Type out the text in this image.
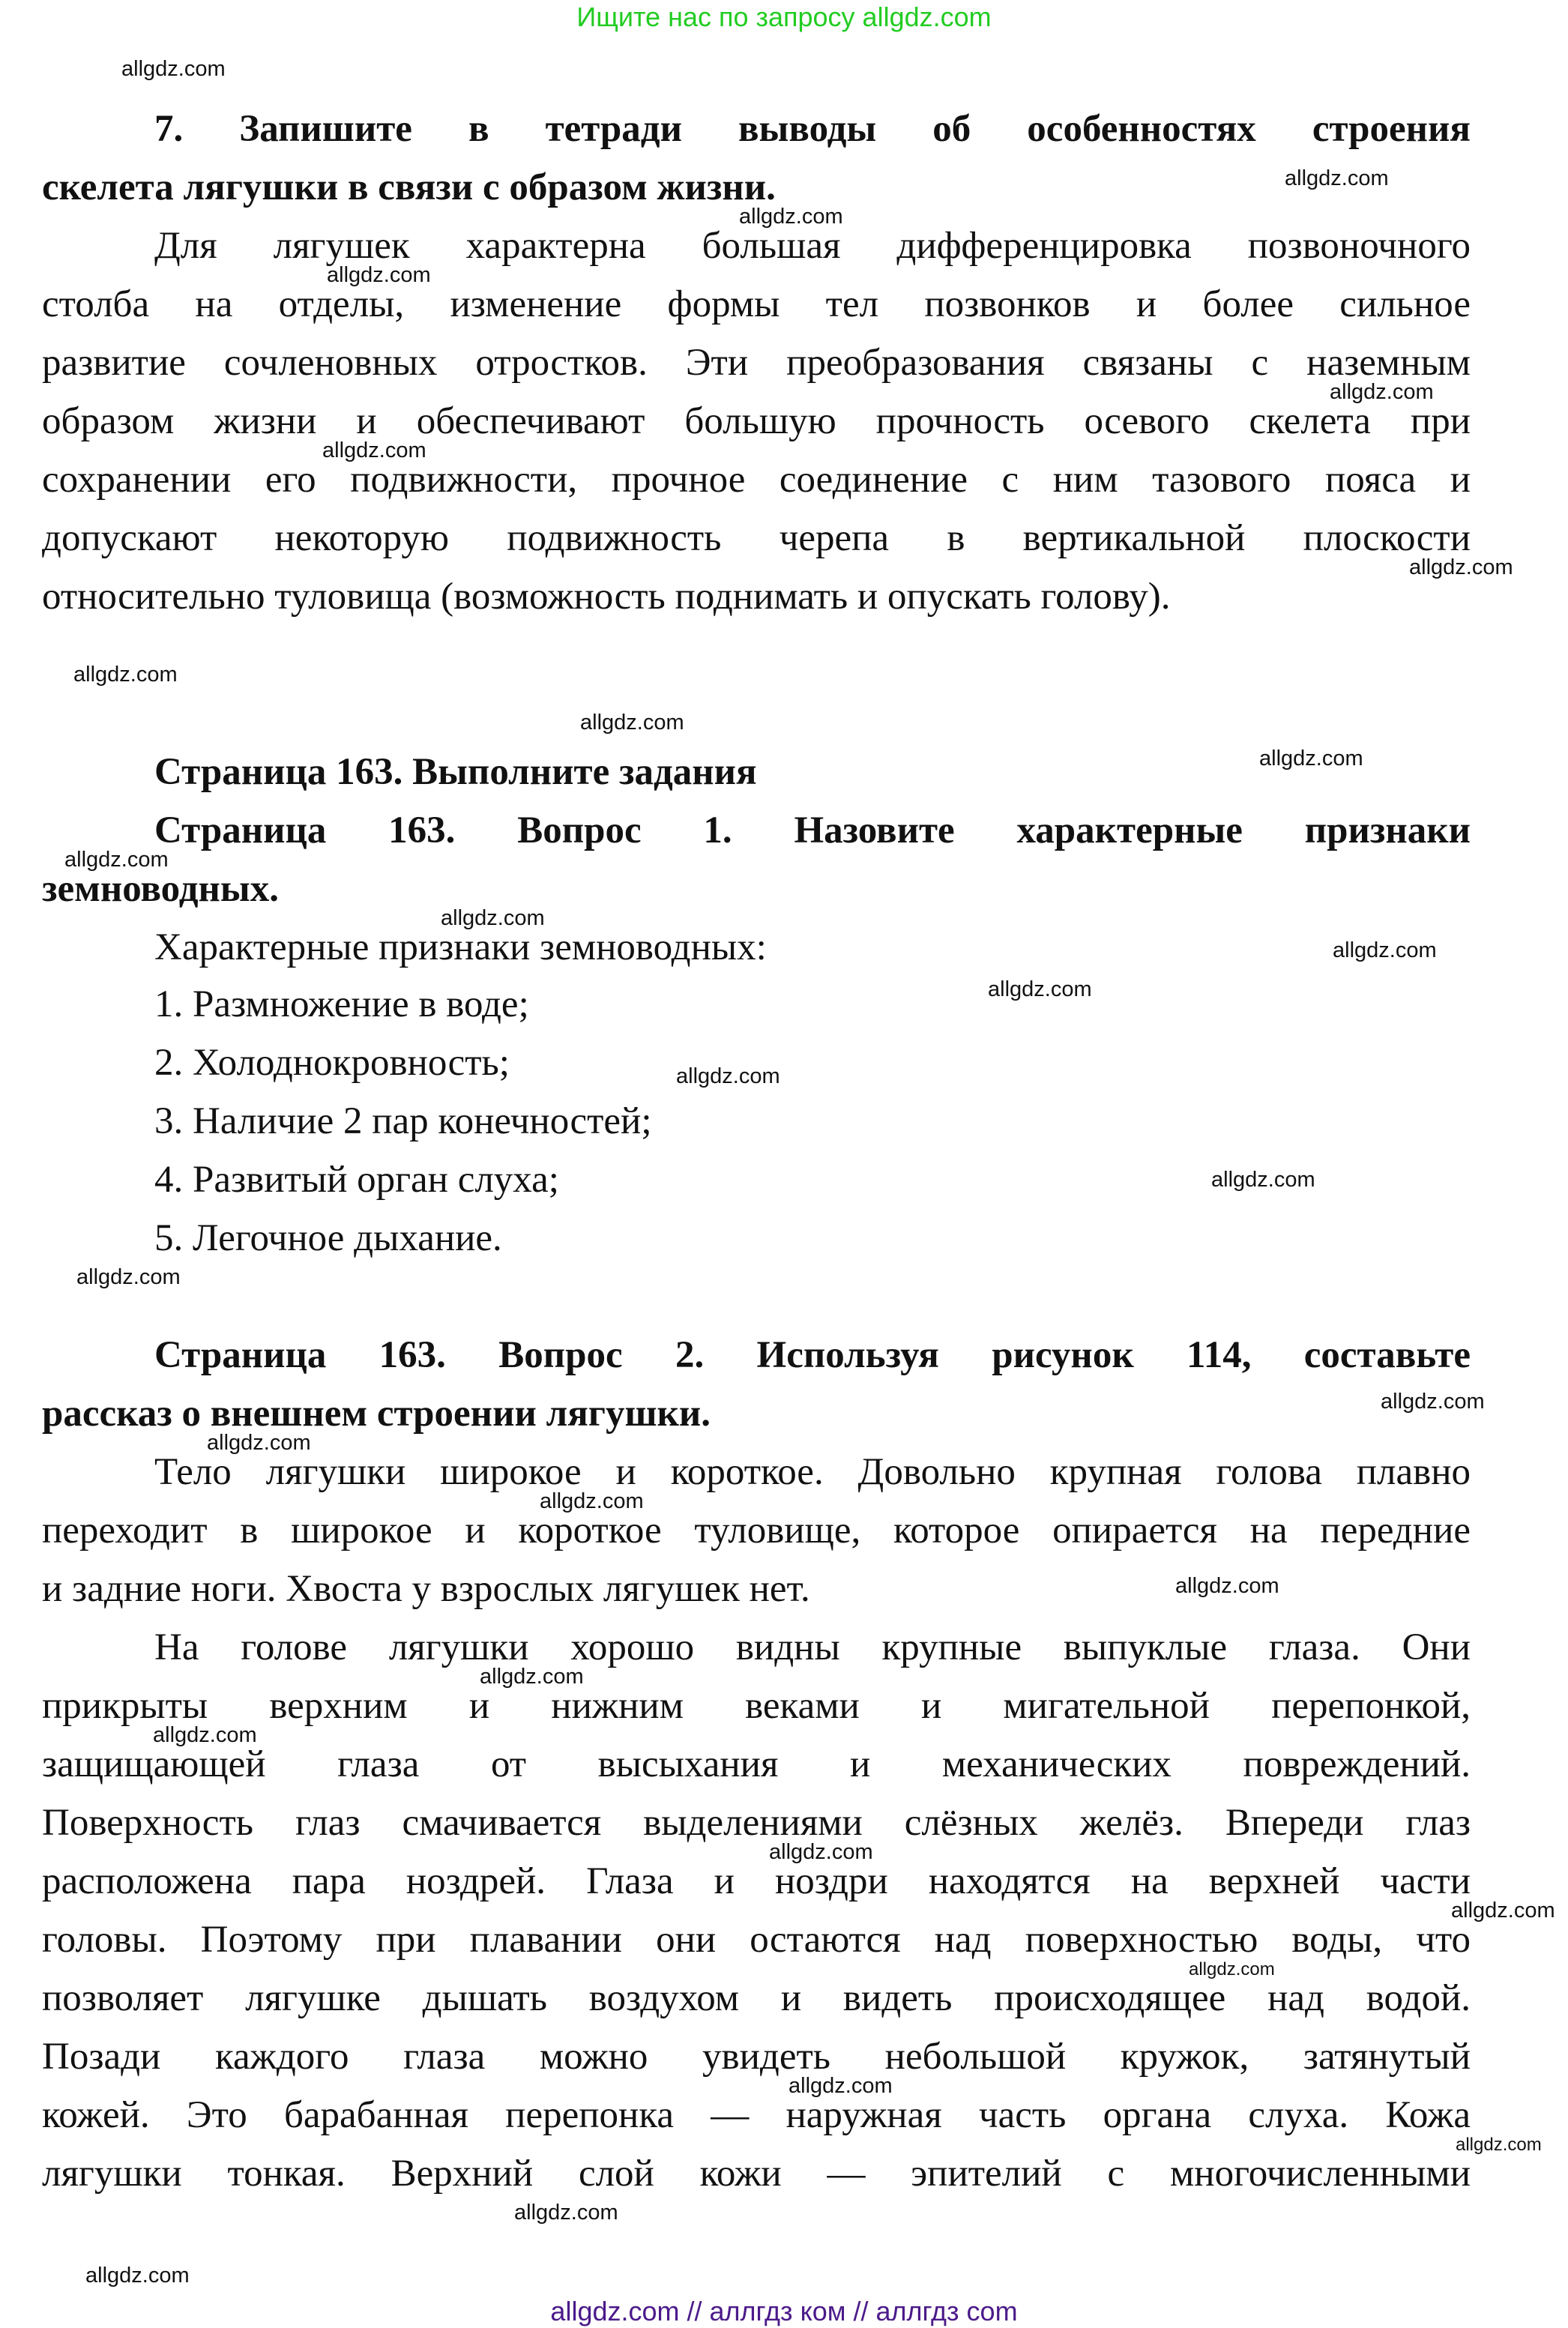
Ищите нас по запросу allgdz.com
7. Запишите в тетради выводы об особенностях строения
скелета лягушки в связи с образом жизни.
Для лягушек характерна большая дифференцировка позвоночного
столба на отделы, изменение формы тел позвонков и более сильное
развитие сочленовных отростков. Эти преобразования связаны с наземным
образом жизни и обеспечивают большую прочность осевого скелета при
сохранении его подвижности, прочное соединение с ним тазового пояса и
допускают некоторую подвижность черепа в вертикальной плоскости
относительно туловища (возможность поднимать и опускать голову).
Страница 163. Выполните задания
Страница 163. Вопрос 1. Назовите характерные признаки
земноводных.
Характерные признаки земноводных:
1. Размножение в воде;
2. Холоднокровность;
3. Наличие 2 пар конечностей;
4. Развитый орган слуха;
5. Легочное дыхание.
Страница 163. Вопрос 2. Используя рисунок 114, составьте
рассказ о внешнем строении лягушки.
Тело лягушки широкое и короткое. Довольно крупная голова плавно
переходит в широкое и короткое туловище, которое опирается на передние
и задние ноги. Хвоста у взрослых лягушек нет.
На голове лягушки хорошо видны крупные выпуклые глаза. Они
прикрыты верхним и нижним веками и мигательной перепонкой,
защищающей глаза от высыхания и механических повреждений.
Поверхность глаз смачивается выделениями слёзных желёз. Впереди глаз
расположена пара ноздрей. Глаза и ноздри находятся на верхней части
головы. Поэтому при плавании они остаются над поверхностью воды, что
позволяет лягушке дышать воздухом и видеть происходящее над водой.
Позади каждого глаза можно увидеть небольшой кружок, затянутый
кожей. Это барабанная перепонка — наружная часть органа слуха. Кожа
лягушки тонкая. Верхний слой кожи — эпителий с многочисленными
allgdz.com
allgdz.com
allgdz.com
allgdz.com
allgdz.com
allgdz.com
allgdz.com
allgdz.com
allgdz.com
allgdz.com
allgdz.com
allgdz.com
allgdz.com
allgdz.com
allgdz.com
allgdz.com
allgdz.com
allgdz.com
allgdz.com
allgdz.com
allgdz.com
allgdz.com
allgdz.com
allgdz.com
allgdz.com
allgdz.com
allgdz.com
allgdz.com
allgdz.com
allgdz.com
allgdz.com // аллгдз ком // аллгдз com
